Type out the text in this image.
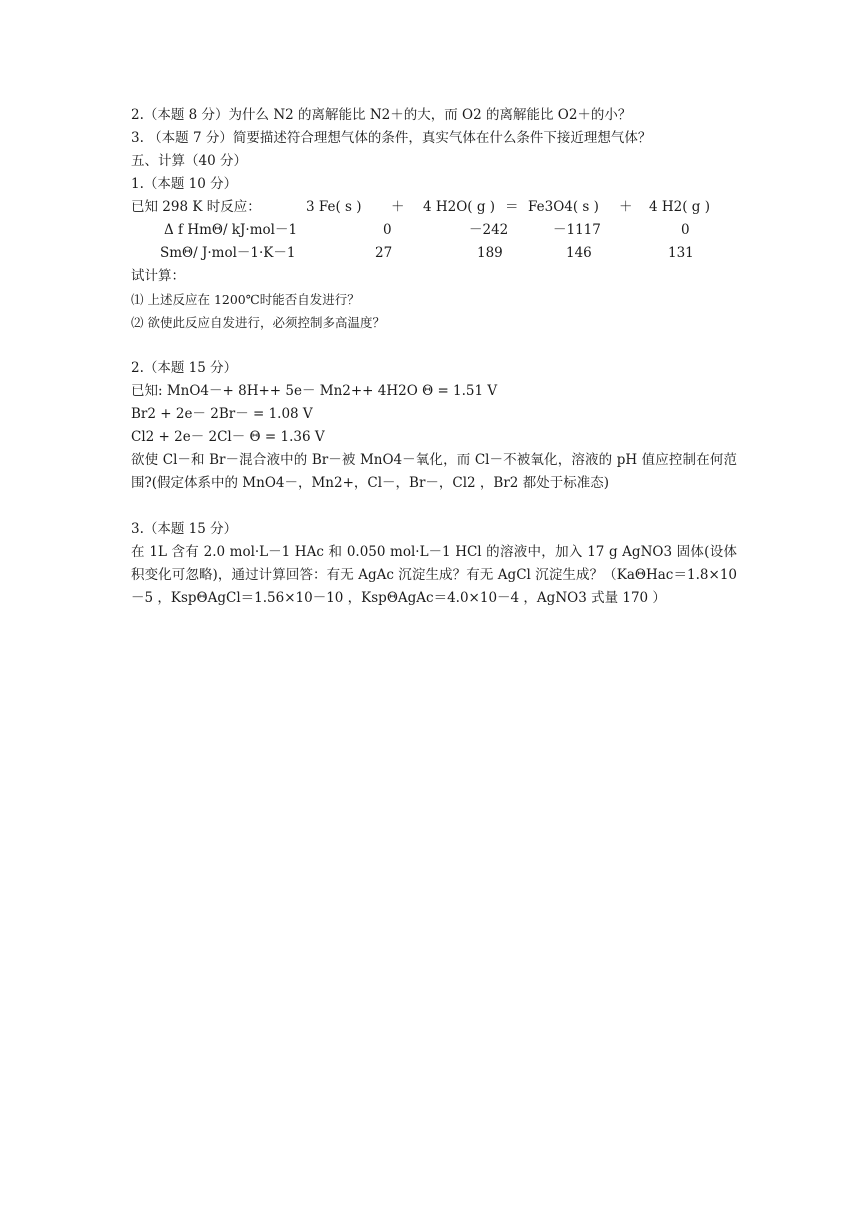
2.（本题 8 分）为什么 N2 的离解能比 N2＋的大，而 O2 的离解能比 O2＋的小？
3. （本题 7 分）简要描述符合理想气体的条件，真实气体在什么条件下接近理想气体？
五、计算（40 分）
1.（本题 10 分）
已知 298 K 时反应：	3 Fe( s ) ＋ 4 H2O( g ) ＝ Fe3O4( s ) ＋ 4 H2( g )
Δ f HmΘ/ kJ·mol－1	0	－242	－1117	0
SmΘ/ J·mol－1·K－1	27	189	146	131
试计算：
⑴ 上述反应在 1200℃时能否自发进行？
⑵ 欲使此反应自发进行，必须控制多高温度？
2.（本题 15 分）
已知: MnO4－+ 8H++ 5e－ Mn2++ 4H2O Θ = 1.51 V
Br2 + 2e－ 2Br－ = 1.08 V
Cl2 + 2e－ 2Cl－ Θ = 1.36 V
欲使 Cl－和 Br－混合液中的 Br－被 MnO4－氧化，而 Cl－不被氧化，溶液的 pH 值应控制在何范围?(假定体系中的 MnO4－，Mn2+，Cl－，Br－，Cl2 ，Br2 都处于标准态)
3.（本题 15 分）
在 1L 含有 2.0 mol·L－1 HAc 和 0.050 mol·L－1 HCl 的溶液中，加入 17 g AgNO3 固体(设体积变化可忽略)，通过计算回答：有无 AgAc 沉淀生成？有无 AgCl 沉淀生成？（KaΘHac＝1.8×10－5 ，KspΘAgCl＝1.56×10－10 ，KspΘAgAc＝4.0×10－4 ，AgNO3 式量 170 ）
